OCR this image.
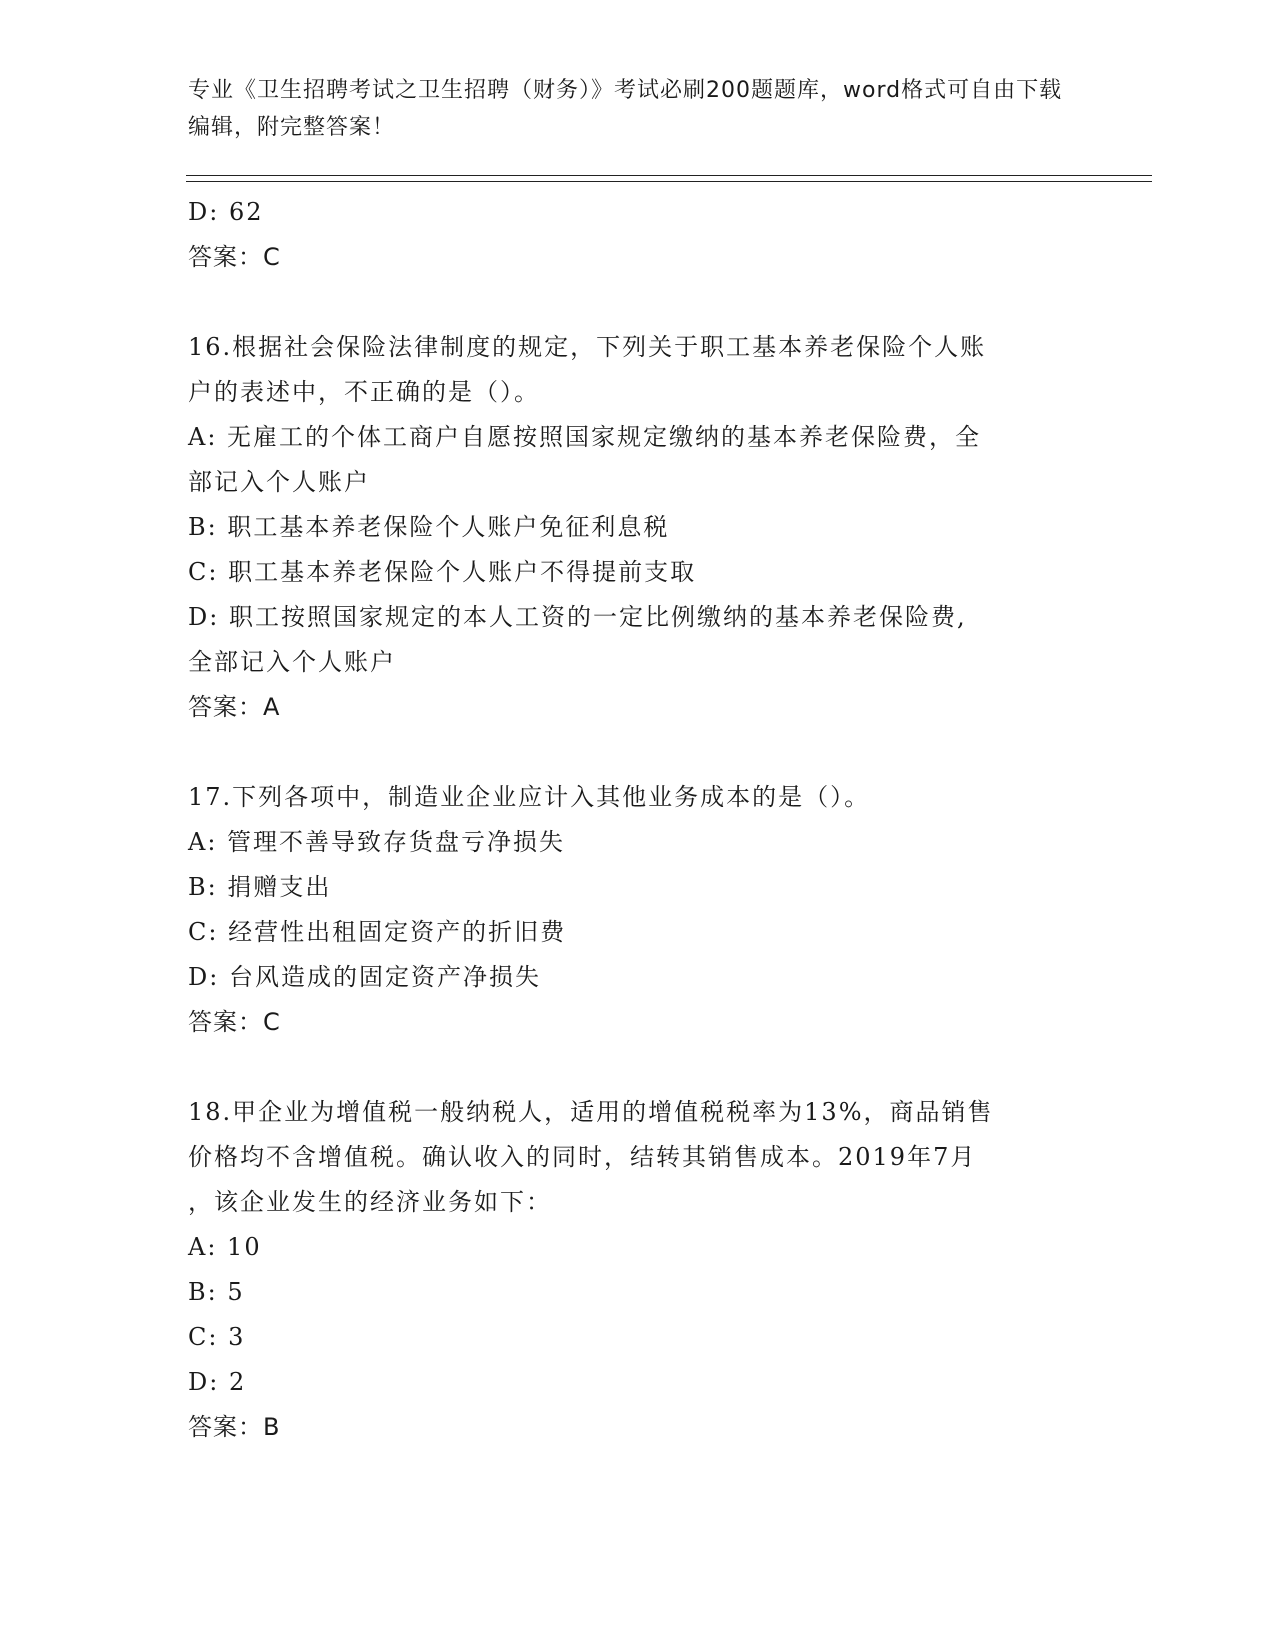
专业《卫生招聘考试之卫生招聘（财务）》考试必刷200题题库，word格式可自由下载编辑，附完整答案！
D: 62
答案：C
16.根据社会保险法律制度的规定，下列关于职工基本养老保险个人账
户的表述中，不正确的是（）。
A: 无雇工的个体工商户自愿按照国家规定缴纳的基本养老保险费，全
部记入个人账户
B: 职工基本养老保险个人账户免征利息税
C: 职工基本养老保险个人账户不得提前支取
D: 职工按照国家规定的本人工资的一定比例缴纳的基本养老保险费,
全部记入个人账户
答案：A
17.下列各项中，制造业企业应计入其他业务成本的是（）。
A: 管理不善导致存货盘亏净损失
B: 捐赠支出
C: 经营性出租固定资产的折旧费
D: 台风造成的固定资产净损失
答案：C
18.甲企业为增值税一般纳税人，适用的增值税税率为13%，商品销售
价格均不含增值税。确认收入的同时，结转其销售成本。2019年7月
，该企业发生的经济业务如下：
A: 10
B: 5
C: 3
D: 2
答案：B
